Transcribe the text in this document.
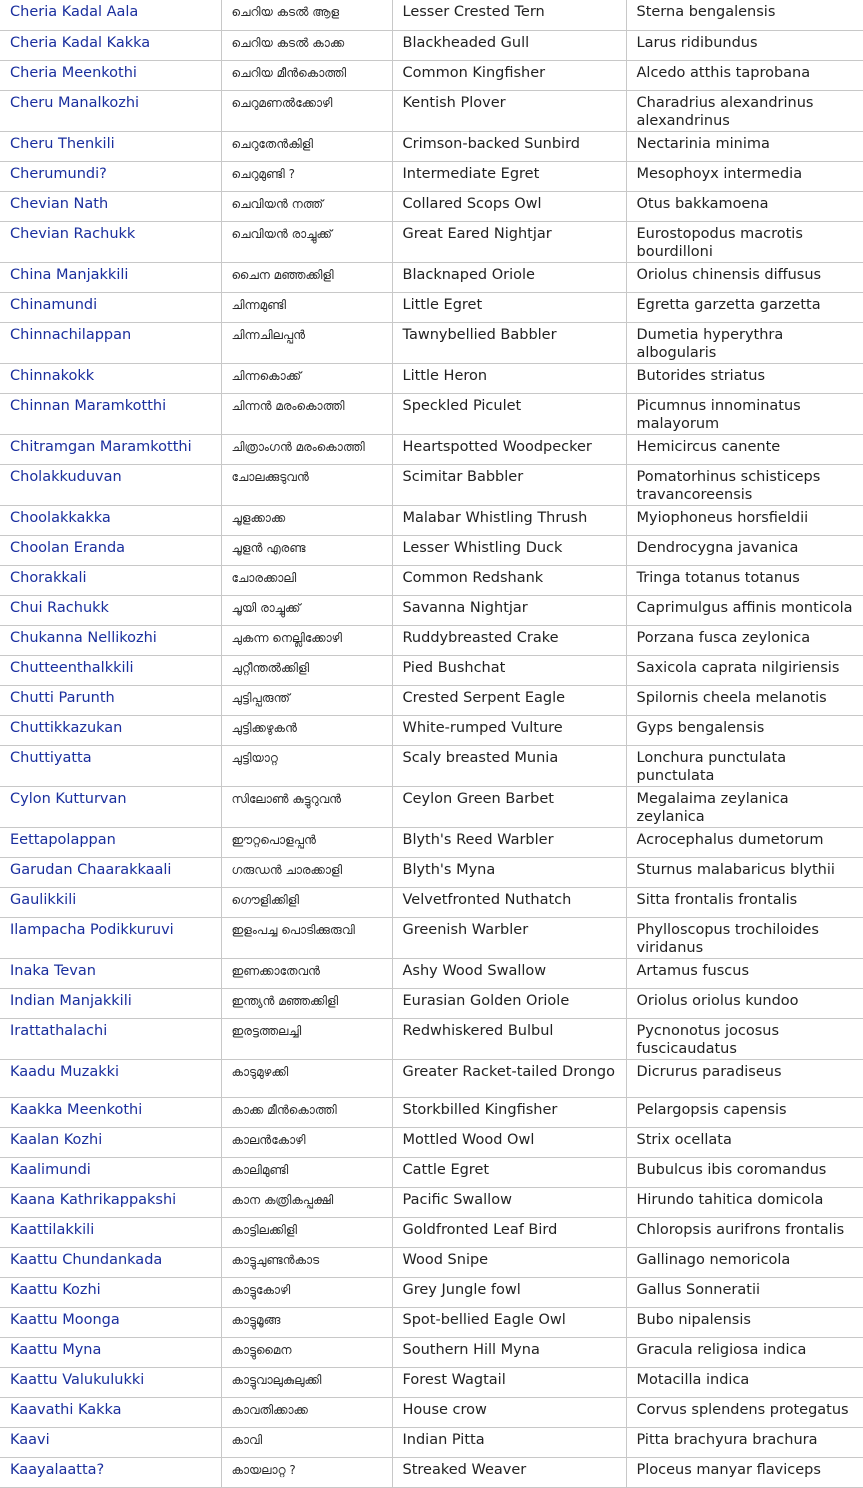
Cheria Kadal Aala	ചെറിയ കടൽ ആള	Lesser Crested Tern	Sterna bengalensis
Cheria Kadal Kakka	ചെറിയ കടൽ കാക്ക	Blackheaded Gull	Larus ridibundus
Cheria Meenkothi	ചെറിയ മീൻകൊത്തി	Common Kingfisher	Alcedo atthis taprobana
Cheru Manalkozhi	ചെറുമണൽക്കോഴി	Kentish Plover	Charadrius alexandrinus alexandrinus
Cheru Thenkili	ചെറുതേൻകിളി	Crimson-backed Sunbird	Nectarinia minima
Cherumundi?	ചെറുമുണ്ടി ?	Intermediate Egret	Mesophoyx intermedia
Chevian Nath	ചെവിയൻ നത്ത്	Collared Scops Owl	Otus bakkamoena
Chevian Rachukk	ചെവിയൻ രാച്ചുക്ക്	Great Eared Nightjar	Eurostopodus macrotis bourdilloni
China Manjakkili	ചൈന മഞ്ഞക്കിളി	Blacknaped Oriole	Oriolus chinensis diffusus
Chinamundi	ചിന്നമുണ്ടി	Little Egret	Egretta garzetta garzetta
Chinnachilappan	ചിന്നചിലപ്പൻ	Tawnybellied Babbler	Dumetia hyperythra albogularis
Chinnakokk	ചിന്നകൊക്ക്	Little Heron	Butorides striatus
Chinnan Maramkotthi	ചിന്നൻ മരംകൊത്തി	Speckled Piculet	Picumnus innominatus malayorum
Chitramgan Maramkotthi	ചിത്രാംഗൻ മരംകൊത്തി	Heartspotted Woodpecker	Hemicircus canente
Cholakkuduvan	ചോലക്കുടുവൻ	Scimitar Babbler	Pomatorhinus schisticeps travancoreensis
Choolakkakka	ചൂളക്കാക്ക	Malabar Whistling Thrush	Myiophoneus horsfieldii
Choolan Eranda	ചൂളൻ എരണ്ട	Lesser Whistling Duck	Dendrocygna javanica
Chorakkali	ചോരക്കാലി	Common Redshank	Tringa totanus totanus
Chui Rachukk	ചൂയി രാച്ചുക്ക്	Savanna Nightjar	Caprimulgus affinis monticola
Chukanna Nellikozhi	ചുകന്ന നെല്ലിക്കോഴി	Ruddybreasted Crake	Porzana fusca zeylonica
Chutteenthalkkili	ചുറ്റീന്തൽക്കിളി	Pied Bushchat	Saxicola caprata nilgiriensis
Chutti Parunth	ചുട്ടിപ്പരുന്ത്	Crested Serpent Eagle	Spilornis cheela melanotis
Chuttikkazukan	ചുട്ടിക്കഴുകൻ	White-rumped Vulture	Gyps bengalensis
Chuttiyatta	ചുട്ടിയാറ്റ	Scaly breasted Munia	Lonchura punctulata punctulata
Cylon Kutturvan	സിലോൺ കുട്ടുറുവൻ	Ceylon Green Barbet	Megalaima zeylanica zeylanica
Eettapolappan	ഈറ്റപൊളപ്പൻ	Blyth's Reed Warbler	Acrocephalus dumetorum
Garudan Chaarakkaali	ഗരുഡൻ ചാരക്കാളി	Blyth's Myna	Sturnus malabaricus blythii
Gaulikkili	ഗൌളിക്കിളി	Velvetfronted Nuthatch	Sitta frontalis frontalis
Ilampacha Podikkuruvi	ഇളംപച്ച പൊടിക്കുരുവി	Greenish Warbler	Phylloscopus trochiloides viridanus
Inaka Tevan	ഇണക്കാതേവൻ	Ashy Wood Swallow	Artamus fuscus
Indian Manjakkili	ഇന്ത്യൻ മഞ്ഞക്കിളി	Eurasian Golden Oriole	Oriolus oriolus kundoo
Irattathalachi	ഇരട്ടത്തലച്ചി	Redwhiskered Bulbul	Pycnonotus jocosus fuscicaudatus
Kaadu Muzakki	കാടുമുഴക്കി	Greater Racket-tailed Drongo	Dicrurus paradiseus
Kaakka Meenkothi	കാക്ക മീൻകൊത്തി	Storkbilled Kingfisher	Pelargopsis capensis
Kaalan Kozhi	കാലൻകോഴി	Mottled Wood Owl	Strix ocellata
Kaalimundi	കാലിമുണ്ടി	Cattle Egret	Bubulcus ibis coromandus
Kaana Kathrikappakshi	കാന കത്രികപ്പക്ഷി	Pacific Swallow	Hirundo tahitica domicola
Kaattilakkili	കാട്ടിലക്കിളി	Goldfronted Leaf Bird	Chloropsis aurifrons frontalis
Kaattu Chundankada	കാട്ടുചുണ്ടൻകാട	Wood Snipe	Gallinago nemoricola
Kaattu Kozhi	കാട്ടുകോഴി	Grey Jungle fowl	Gallus Sonneratii
Kaattu Moonga	കാട്ടുമൂങ്ങ	Spot-bellied Eagle Owl	Bubo nipalensis
Kaattu Myna	കാട്ടുമൈന	Southern Hill Myna	Gracula religiosa indica
Kaattu Valukulukki	കാട്ടുവാലുകുലുക്കി	Forest Wagtail	Motacilla indica
Kaavathi Kakka	കാവതിക്കാക്ക	House crow	Corvus splendens protegatus
Kaavi	കാവി	Indian Pitta	Pitta brachyura brachura
Kaayalaatta?	കായലാറ്റ ?	Streaked Weaver	Ploceus manyar flaviceps
